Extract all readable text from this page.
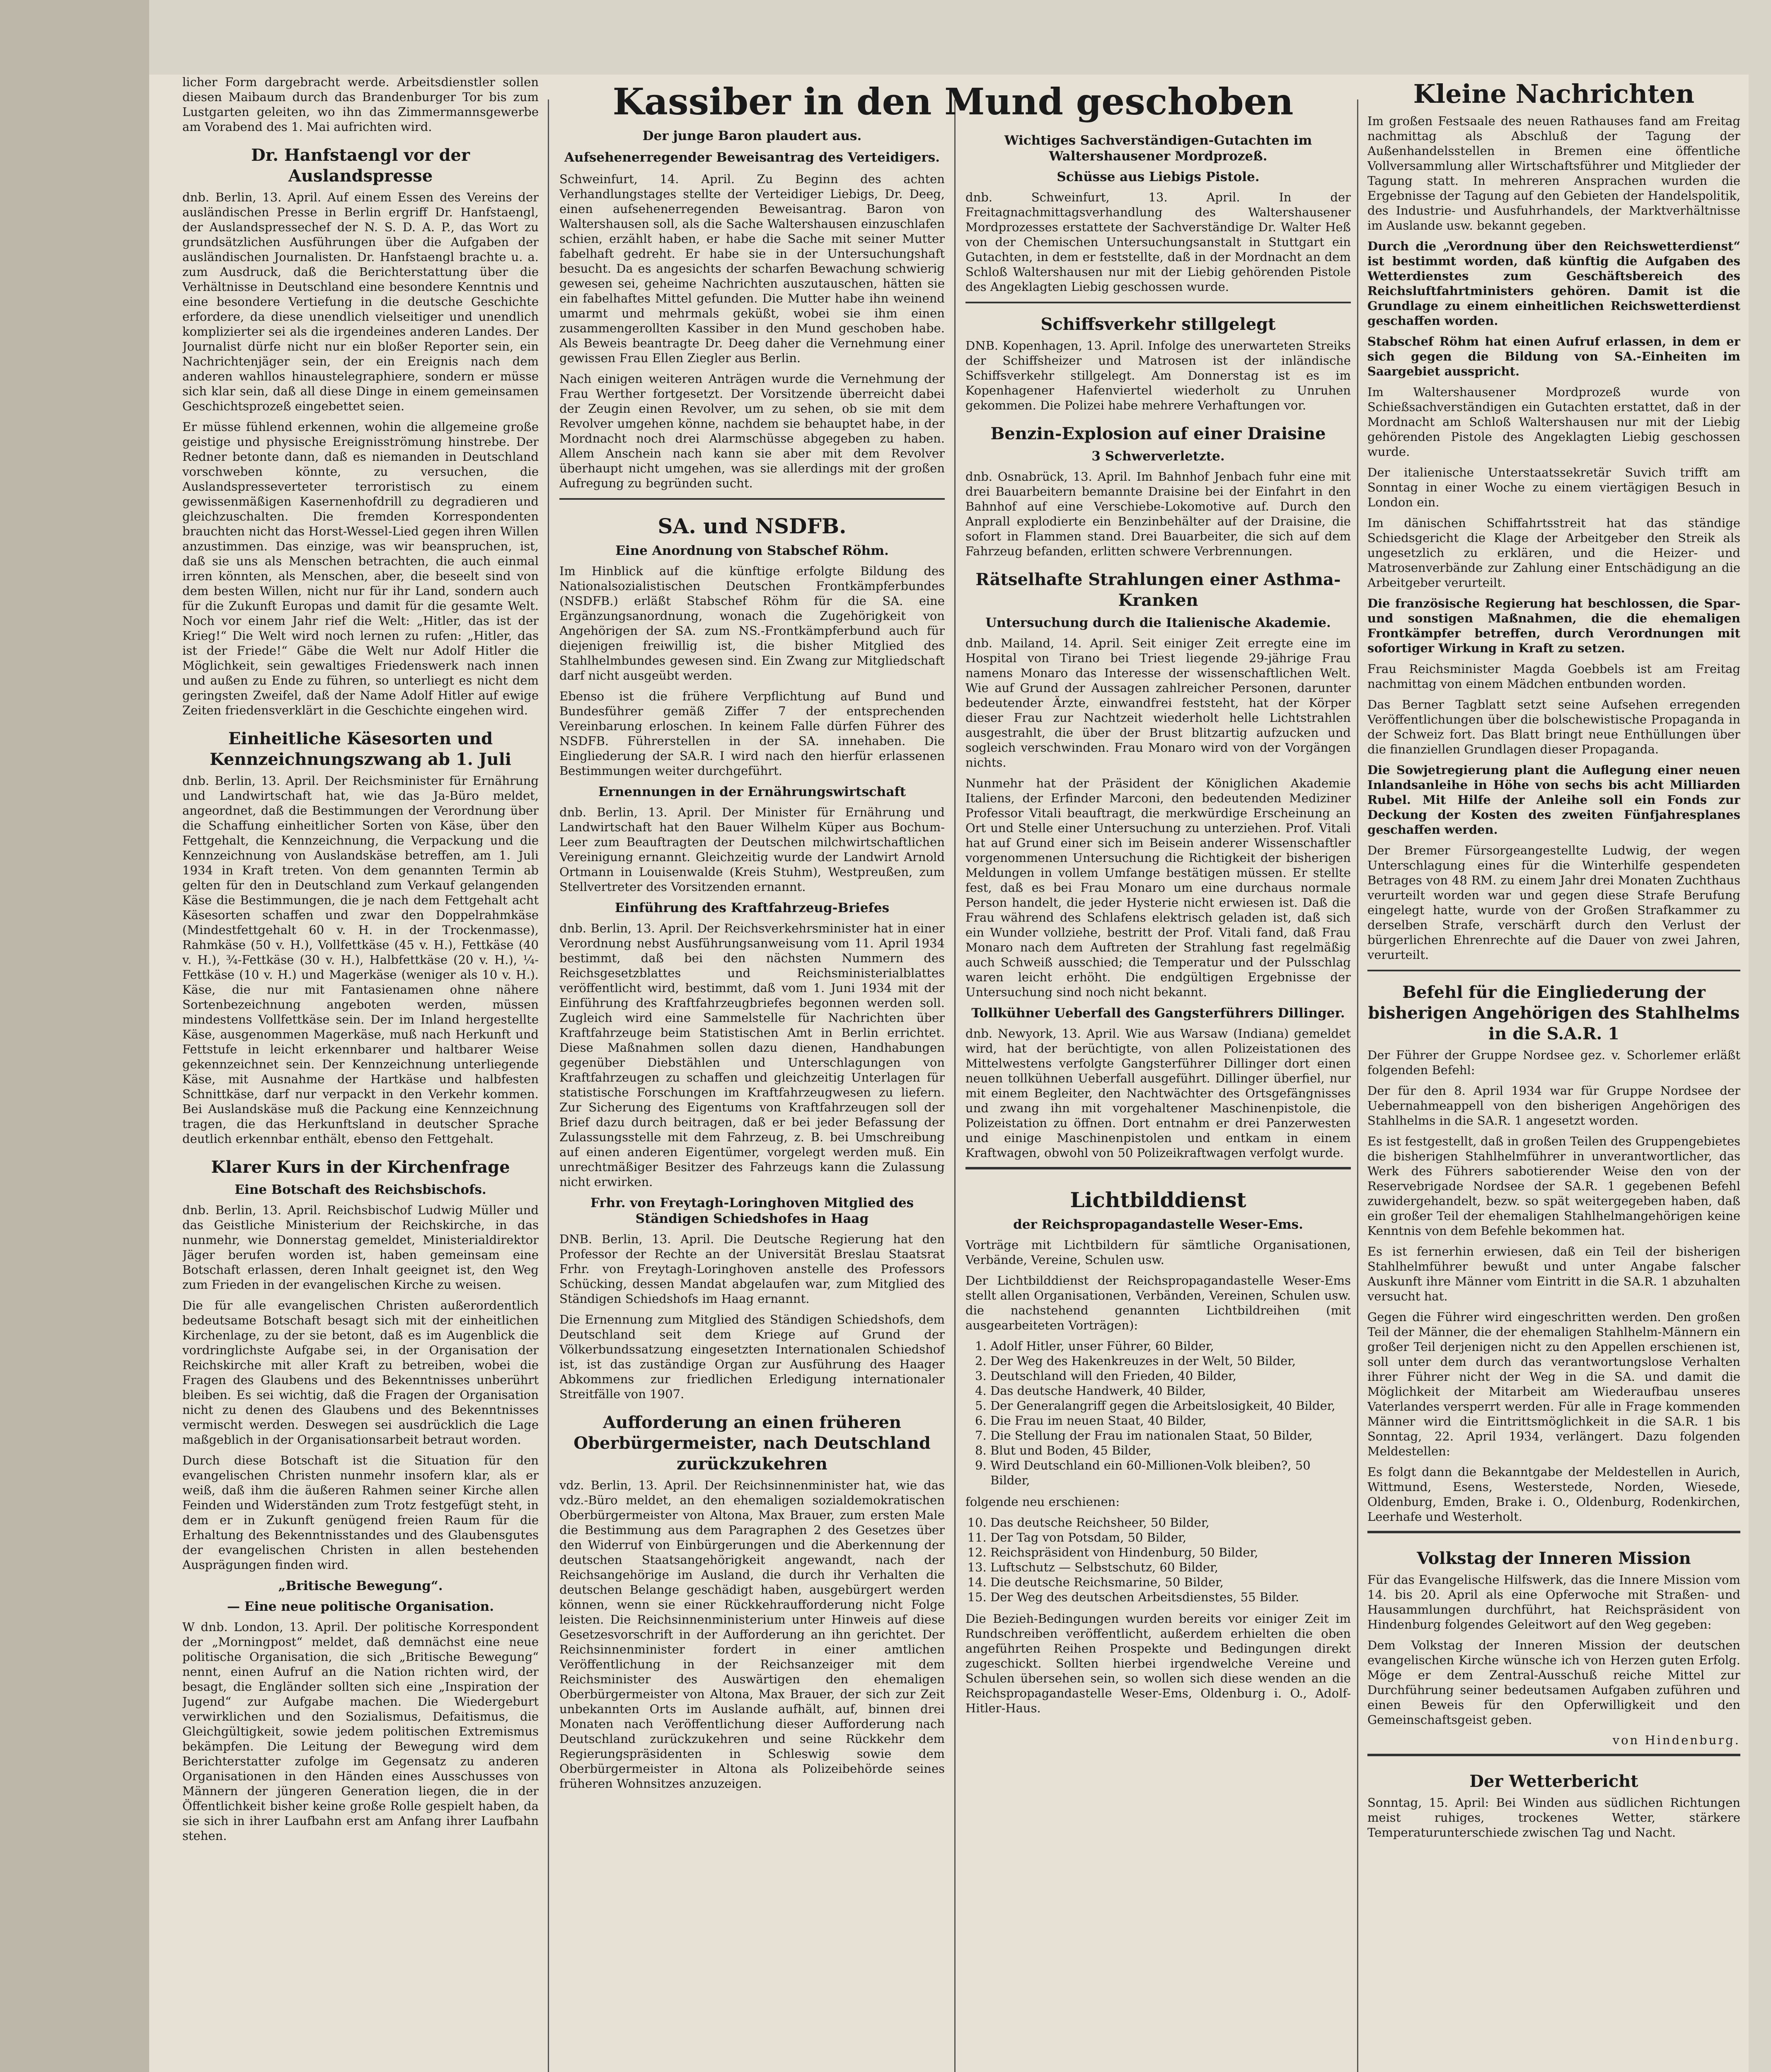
licher Form dargebracht werde. Arbeitsdienstler sollen diesen Maibaum durch das Brandenburger Tor bis zum Lustgarten geleiten, wo ihn das Zimmermannsgewerbe am Vorabend des 1. Mai aufrichten wird.

Dr. Hanfstaengl vor der Auslandspresse

dnb. Berlin, 13. April. Auf einem Essen des Vereins der ausländischen Presse in Berlin ergriff Dr. Hanfstaengl, der Auslandspressechef der N. S. D. A. P., das Wort zu grundsätzlichen Ausführungen über die Aufgaben der ausländischen Journalisten. Dr. Hanfstaengl brachte u. a. zum Ausdruck, daß die Berichterstattung über die Verhältnisse in Deutschland eine besondere Kenntnis und eine besondere Vertiefung in die deutsche Geschichte erfordere, da diese unendlich vielseitiger und unendlich komplizierter sei als die irgendeines anderen Landes. Der Journalist dürfe nicht nur ein bloßer Reporter sein, ein Nachrichtenjäger sein, der ein Ereignis nach dem anderen wahllos hinaustelegraphiere, sondern er müsse sich klar sein, daß all diese Dinge in einem gemeinsamen Geschichtsprozeß eingebettet seien.

Er müsse fühlend erkennen, wohin die allgemeine große geistige und physische Ereignisströmung hinstrebe. Der Redner betonte dann, daß es niemanden in Deutschland vorschweben könnte, zu versuchen, die Auslandspresseverteter terroristisch zu einem gewissenmäßigen Kasernenhofdrill zu degradieren und gleichzuschalten. Die fremden Korrespondenten brauchten nicht das Horst-Wessel-Lied gegen ihren Willen anzustimmen. Das einzige, was wir beanspruchen, ist, daß sie uns als Menschen betrachten, die auch einmal irren könnten, als Menschen, aber, die beseelt sind von dem besten Willen, nicht nur für ihr Land, sondern auch für die Zukunft Europas und damit für die gesamte Welt. Noch vor einem Jahr rief die Welt: „Hitler, das ist der Krieg!“ Die Welt wird noch lernen zu rufen: „Hitler, das ist der Friede!“ Gäbe die Welt nur Adolf Hitler die Möglichkeit, sein gewaltiges Friedenswerk nach innen und außen zu Ende zu führen, so unterliegt es nicht dem geringsten Zweifel, daß der Name Adolf Hitler auf ewige Zeiten friedensverklärt in die Geschichte eingehen wird.

Einheitliche Käsesorten und Kennzeichnungszwang ab 1. Juli

dnb. Berlin, 13. April. Der Reichsminister für Ernährung und Landwirtschaft hat, wie das Ja-Büro meldet, angeordnet, daß die Bestimmungen der Verordnung über die Schaffung einheitlicher Sorten von Käse, über den Fettgehalt, die Kennzeichnung, die Verpackung und die Kennzeichnung von Auslandskäse betreffen, am 1. Juli 1934 in Kraft treten. Von dem genannten Termin ab gelten für den in Deutschland zum Verkauf gelangenden Käse die Bestimmungen, die je nach dem Fettgehalt acht Käsesorten schaffen und zwar den Doppelrahmkäse (Mindestfettgehalt 60 v. H. in der Trockenmasse), Rahmkäse (50 v. H.), Vollfettkäse (45 v. H.), Fettkäse (40 v. H.), ¾-Fettkäse (30 v. H.), Halbfettkäse (20 v. H.), ¼-Fettkäse (10 v. H.) und Magerkäse (weniger als 10 v. H.). Käse, die nur mit Fantasienamen ohne nähere Sortenbezeichnung angeboten werden, müssen mindestens Vollfettkäse sein. Der im Inland hergestellte Käse, ausgenommen Magerkäse, muß nach Herkunft und Fettstufe in leicht erkennbarer und haltbarer Weise gekennzeichnet sein. Der Kennzeichnung unterliegende Käse, mit Ausnahme der Hartkäse und halbfesten Schnittkäse, darf nur verpackt in den Verkehr kommen. Bei Auslandskäse muß die Packung eine Kennzeichnung tragen, die das Herkunftsland in deutscher Sprache deutlich erkennbar enthält, ebenso den Fettgehalt.

Klarer Kurs in der Kirchenfrage
Eine Botschaft des Reichsbischofs.

dnb. Berlin, 13. April. Reichsbischof Ludwig Müller und das Geistliche Ministerium der Reichskirche, in das nunmehr, wie Donnerstag gemeldet, Ministerialdirektor Jäger berufen worden ist, haben gemeinsam eine Botschaft erlassen, deren Inhalt geeignet ist, den Weg zum Frieden in der evangelischen Kirche zu weisen.

Die für alle evangelischen Christen außerordentlich bedeutsame Botschaft besagt sich mit der einheitlichen Kirchenlage, zu der sie betont, daß es im Augenblick die vordringlichste Aufgabe sei, in der Organisation der Reichskirche mit aller Kraft zu betreiben, wobei die Fragen des Glaubens und des Bekenntnisses unberührt bleiben. Es sei wichtig, daß die Fragen der Organisation nicht zu denen des Glaubens und des Bekenntnisses vermischt werden. Deswegen sei ausdrücklich die Lage maßgeblich in der Organisationsarbeit betraut worden.

Durch diese Botschaft ist die Situation für den evangelischen Christen nunmehr insofern klar, als er weiß, daß ihm die äußeren Rahmen seiner Kirche allen Feinden und Widerständen zum Trotz festgefügt steht, in dem er in Zukunft genügend freien Raum für die Erhaltung des Bekenntnisstandes und des Glaubensgutes der evangelischen Christen in allen bestehenden Ausprägungen finden wird.

„Britische Bewegung“.
— Eine neue politische Organisation.

W dnb. London, 13. April. Der politische Korrespondent der „Morningpost“ meldet, daß demnächst eine neue politische Organisation, die sich „Britische Bewegung“ nennt, einen Aufruf an die Nation richten wird, der besagt, die Engländer sollten sich eine „Inspiration der Jugend“ zur Aufgabe machen. Die Wiedergeburt verwirklichen und den Sozialismus, Defaitismus, die Gleichgültigkeit, sowie jedem politischen Extremismus bekämpfen. Die Leitung der Bewegung wird dem Berichterstatter zufolge im Gegensatz zu anderen Organisationen in den Händen eines Ausschusses von Männern der jüngeren Generation liegen, die in der Öffentlichkeit bisher keine große Rolle gespielt haben, da sie sich in ihrer Laufbahn erst am Anfang ihrer Laufbahn stehen.

Kassiber in den Mund geschoben
Der junge Baron plaudert aus.
Aufsehenerregender Beweisantrag des Verteidigers.

Schweinfurt, 14. April. Zu Beginn des achten Verhandlungstages stellte der Verteidiger Liebigs, Dr. Deeg, einen aufsehenerregenden Beweisantrag. Baron von Waltershausen soll, als die Sache Waltershausen einzuschlafen schien, erzählt haben, er habe die Sache mit seiner Mutter fabelhaft gedreht. Er habe sie in der Untersuchungshaft besucht. Da es angesichts der scharfen Bewachung schwierig gewesen sei, geheime Nachrichten auszutauschen, hätten sie ein fabelhaftes Mittel gefunden. Die Mutter habe ihn weinend umarmt und mehrmals geküßt, wobei sie ihm einen zusammengerollten Kassiber in den Mund geschoben habe. Als Beweis beantragte Dr. Deeg daher die Vernehmung einer gewissen Frau Ellen Ziegler aus Berlin.

Nach einigen weiteren Anträgen wurde die Vernehmung der Frau Werther fortgesetzt. Der Vorsitzende überreicht dabei der Zeugin einen Revolver, um zu sehen, ob sie mit dem Revolver umgehen könne, nachdem sie behauptet habe, in der Mordnacht noch drei Alarmschüsse abgegeben zu haben. Allem Anschein nach kann sie aber mit dem Revolver überhaupt nicht umgehen, was sie allerdings mit der großen Aufregung zu begründen sucht.

SA. und NSDFB.
Eine Anordnung von Stabschef Röhm.

Im Hinblick auf die künftige erfolgte Bildung des Nationalsozialistischen Deutschen Frontkämpferbundes (NSDFB.) erläßt Stabschef Röhm für die SA. eine Ergänzungsanordnung, wonach die Zugehörigkeit von Angehörigen der SA. zum NS.-Frontkämpferbund auch für diejenigen freiwillig ist, die bisher Mitglied des Stahlhelmbundes gewesen sind. Ein Zwang zur Mitgliedschaft darf nicht ausgeübt werden.

Ebenso ist die frühere Verpflichtung auf Bund und Bundesführer gemäß Ziffer 7 der entsprechenden Vereinbarung erloschen. In keinem Falle dürfen Führer des NSDFB. Führerstellen in der SA. innehaben. Die Eingliederung der SA.R. I wird nach den hierfür erlassenen Bestimmungen weiter durchgeführt.

Ernennungen in der Ernährungswirtschaft

dnb. Berlin, 13. April. Der Minister für Ernährung und Landwirtschaft hat den Bauer Wilhelm Küper aus Bochum-Leer zum Beauftragten der Deutschen milchwirtschaftlichen Vereinigung ernannt. Gleichzeitig wurde der Landwirt Arnold Ortmann in Louisenwalde (Kreis Stuhm), Westpreußen, zum Stellvertreter des Vorsitzenden ernannt.

Einführung des Kraftfahrzeug-Briefes

dnb. Berlin, 13. April. Der Reichsverkehrsminister hat in einer Verordnung nebst Ausführungsanweisung vom 11. April 1934 bestimmt, daß bei den nächsten Nummern des Reichsgesetzblattes und Reichsministerialblattes veröffentlicht wird, bestimmt, daß vom 1. Juni 1934 mit der Einführung des Kraftfahrzeugbriefes begonnen werden soll. Zugleich wird eine Sammelstelle für Nachrichten über Kraftfahrzeuge beim Statistischen Amt in Berlin errichtet. Diese Maßnahmen sollen dazu dienen, Handhabungen gegenüber Diebstählen und Unterschlagungen von Kraftfahrzeugen zu schaffen und gleichzeitig Unterlagen für statistische Forschungen im Kraftfahrzeugwesen zu liefern. Zur Sicherung des Eigentums von Kraftfahrzeugen soll der Brief dazu durch beitragen, daß er bei jeder Befassung der Zulassungsstelle mit dem Fahrzeug, z. B. bei Umschreibung auf einen anderen Eigentümer, vorgelegt werden muß. Ein unrechtmäßiger Besitzer des Fahrzeugs kann die Zulassung nicht erwirken.

Frhr. von Freytagh-Loringhoven Mitglied des Ständigen Schiedshofes in Haag

DNB. Berlin, 13. April. Die Deutsche Regierung hat den Professor der Rechte an der Universität Breslau Staatsrat Frhr. von Freytagh-Loringhoven anstelle des Professors Schücking, dessen Mandat abgelaufen war, zum Mitglied des Ständigen Schiedshofs im Haag ernannt.

Die Ernennung zum Mitglied des Ständigen Schiedshofs, dem Deutschland seit dem Kriege auf Grund der Völkerbundssatzung eingesetzten Internationalen Schiedshof ist, ist das zuständige Organ zur Ausführung des Haager Abkommens zur friedlichen Erledigung internationaler Streitfälle von 1907.

Aufforderung an einen früheren Oberbürgermeister, nach Deutschland zurückzukehren

vdz. Berlin, 13. April. Der Reichsinnenminister hat, wie das vdz.-Büro meldet, an den ehemaligen sozialdemokratischen Oberbürgermeister von Altona, Max Brauer, zum ersten Male die Bestimmung aus dem Paragraphen 2 des Gesetzes über den Widerruf von Einbürgerungen und die Aberkennung der deutschen Staatsangehörigkeit angewandt, nach der Reichsangehörige im Ausland, die durch ihr Verhalten die deutschen Belange geschädigt haben, ausgebürgert werden können, wenn sie einer Rückkehraufforderung nicht Folge leisten. Die Reichsinnenministerium unter Hinweis auf diese Gesetzesvorschrift in der Aufforderung an ihn gerichtet. Der Reichsinnenminister fordert in einer amtlichen Veröffentlichung in der Reichsanzeiger mit dem Reichsminister des Auswärtigen den ehemaligen Oberbürgermeister von Altona, Max Brauer, der sich zur Zeit unbekannten Orts im Auslande aufhält, auf, binnen drei Monaten nach Veröffentlichung dieser Aufforderung nach Deutschland zurückzukehren und seine Rückkehr dem Regierungspräsidenten in Schleswig sowie dem Oberbürgermeister in Altona als Polizeibehörde seines früheren Wohnsitzes anzuzeigen.

Wichtiges Sachverständigen-Gutachten im Waltershausener Mordprozeß.
Schüsse aus Liebigs Pistole.

dnb. Schweinfurt, 13. April. In der Freitagnachmittagsverhandlung des Waltershausener Mordprozesses erstattete der Sachverständige Dr. Walter Heß von der Chemischen Untersuchungsanstalt in Stuttgart ein Gutachten, in dem er feststellte, daß in der Mordnacht an dem Schloß Waltershausen nur mit der Liebig gehörenden Pistole des Angeklagten Liebig geschossen wurde.

Schiffsverkehr stillgelegt

DNB. Kopenhagen, 13. April. Infolge des unerwarteten Streiks der Schiffsheizer und Matrosen ist der inländische Schiffsverkehr stillgelegt. Am Donnerstag ist es im Kopenhagener Hafenviertel wiederholt zu Unruhen gekommen. Die Polizei habe mehrere Verhaftungen vor.

Benzin-Explosion auf einer Draisine
3 Schwerverletzte.

dnb. Osnabrück, 13. April. Im Bahnhof Jenbach fuhr eine mit drei Bauarbeitern bemannte Draisine bei der Einfahrt in den Bahnhof auf eine Verschiebe-Lokomotive auf. Durch den Anprall explodierte ein Benzinbehälter auf der Draisine, die sofort in Flammen stand. Drei Bauarbeiter, die sich auf dem Fahrzeug befanden, erlitten schwere Verbrennungen.

Rätselhafte Strahlungen einer Asthma-Kranken
Untersuchung durch die Italienische Akademie.

dnb. Mailand, 14. April. Seit einiger Zeit erregte eine im Hospital von Tirano bei Triest liegende 29-jährige Frau namens Monaro das Interesse der wissenschaftlichen Welt. Wie auf Grund der Aussagen zahlreicher Personen, darunter bedeutender Ärzte, einwandfrei feststeht, hat der Körper dieser Frau zur Nachtzeit wiederholt helle Lichtstrahlen ausgestrahlt, die über der Brust blitzartig aufzucken und sogleich verschwinden. Frau Monaro wird von der Vorgängen nichts.

Nunmehr hat der Präsident der Königlichen Akademie Italiens, der Erfinder Marconi, den bedeutenden Mediziner Professor Vitali beauftragt, die merkwürdige Erscheinung an Ort und Stelle einer Untersuchung zu unterziehen. Prof. Vitali hat auf Grund einer sich im Beisein anderer Wissenschaftler vorgenommenen Untersuchung die Richtigkeit der bisherigen Meldungen in vollem Umfange bestätigen müssen. Er stellte fest, daß es bei Frau Monaro um eine durchaus normale Person handelt, die jeder Hysterie nicht erwiesen ist. Daß die Frau während des Schlafens elektrisch geladen ist, daß sich ein Wunder vollziehe, bestritt der Prof. Vitali fand, daß Frau Monaro nach dem Auftreten der Strahlung fast regelmäßig auch Schweiß ausschied; die Temperatur und der Pulsschlag waren leicht erhöht. Die endgültigen Ergebnisse der Untersuchung sind noch nicht bekannt.

Tollkühner Ueberfall des Gangsterführers Dillinger.

dnb. Newyork, 13. April. Wie aus Warsaw (Indiana) gemeldet wird, hat der berüchtigte, von allen Polizeistationen des Mittelwestens verfolgte Gangsterführer Dillinger dort einen neuen tollkühnen Ueberfall ausgeführt. Dillinger überfiel, nur mit einem Begleiter, den Nachtwächter des Ortsgefängnisses und zwang ihn mit vorgehaltener Maschinenpistole, die Polizeistation zu öffnen. Dort entnahm er drei Panzerwesten und einige Maschinenpistolen und entkam in einem Kraftwagen, obwohl von 50 Polizeikraftwagen verfolgt wurde.

Lichtbilddienst
der Reichspropagandastelle Weser-Ems.

Vorträge mit Lichtbildern für sämtliche Organisationen, Verbände, Vereine, Schulen usw.

Der Lichtbilddienst der Reichspropagandastelle Weser-Ems stellt allen Organisationen, Verbänden, Vereinen, Schulen usw. die nachstehend genannten Lichtbildreihen (mit ausgearbeiteten Vorträgen):

1. Adolf Hitler, unser Führer, 60 Bilder,
2. Der Weg des Hakenkreuzes in der Welt, 50 Bilder,
3. Deutschland will den Frieden, 40 Bilder,
4. Das deutsche Handwerk, 40 Bilder,
5. Der Generalangriff gegen die Arbeitslosigkeit, 40 Bilder,
6. Die Frau im neuen Staat, 40 Bilder,
7. Die Stellung der Frau im nationalen Staat, 50 Bilder,
8. Blut und Boden, 45 Bilder,
9. Wird Deutschland ein 60-Millionen-Volk bleiben?, 50 Bilder,

folgende neu erschienen:

10. Das deutsche Reichsheer, 50 Bilder,
11. Der Tag von Potsdam, 50 Bilder,
12. Reichspräsident von Hindenburg, 50 Bilder,
13. Luftschutz — Selbstschutz, 60 Bilder,
14. Die deutsche Reichsmarine, 50 Bilder,
15. Der Weg des deutschen Arbeitsdienstes, 55 Bilder.

Die Bezieh-Bedingungen wurden bereits vor einiger Zeit im Rundschreiben veröffentlicht, außerdem erhielten die oben angeführten Reihen Prospekte und Bedingungen direkt zugeschickt. Sollten hierbei irgendwelche Vereine und Schulen übersehen sein, so wollen sich diese wenden an die Reichspropagandastelle Weser-Ems, Oldenburg i. O., Adolf-Hitler-Haus.

Kleine Nachrichten

Im großen Festsaale des neuen Rathauses fand am Freitag nachmittag als Abschluß der Tagung der Außenhandelsstellen in Bremen eine öffentliche Vollversammlung aller Wirtschaftsführer und Mitglieder der Tagung statt. In mehreren Ansprachen wurden die Ergebnisse der Tagung auf den Gebieten der Handelspolitik, des Industrie- und Ausfuhrhandels, der Marktverhältnisse im Auslande usw. bekannt gegeben.

Durch die „Verordnung über den Reichswetterdienst“ ist bestimmt worden, daß künftig die Aufgaben des Wetterdienstes zum Geschäftsbereich des Reichsluftfahrtministers gehören. Damit ist die Grundlage zu einem einheitlichen Reichswetterdienst geschaffen worden.

Stabschef Röhm hat einen Aufruf erlassen, in dem er sich gegen die Bildung von SA.-Einheiten im Saargebiet ausspricht.

Im Waltershausener Mordprozeß wurde von Schießsachverständigen ein Gutachten erstattet, daß in der Mordnacht am Schloß Waltershausen nur mit der Liebig gehörenden Pistole des Angeklagten Liebig geschossen wurde.

Der italienische Unterstaatssekretär Suvich trifft am Sonntag in einer Woche zu einem viertägigen Besuch in London ein.

Im dänischen Schiffahrtsstreit hat das ständige Schiedsgericht die Klage der Arbeitgeber den Streik als ungesetzlich zu erklären, und die Heizer- und Matrosenverbände zur Zahlung einer Entschädigung an die Arbeitgeber verurteilt.

Die französische Regierung hat beschlossen, die Spar- und sonstigen Maßnahmen, die die ehemaligen Frontkämpfer betreffen, durch Verordnungen mit sofortiger Wirkung in Kraft zu setzen.

Frau Reichsminister Magda Goebbels ist am Freitag nachmittag von einem Mädchen entbunden worden.

Das Berner Tagblatt setzt seine Aufsehen erregenden Veröffentlichungen über die bolschewistische Propaganda in der Schweiz fort. Das Blatt bringt neue Enthüllungen über die finanziellen Grundlagen dieser Propaganda.

Die Sowjetregierung plant die Auflegung einer neuen Inlandsanleihe in Höhe von sechs bis acht Milliarden Rubel. Mit Hilfe der Anleihe soll ein Fonds zur Deckung der Kosten des zweiten Fünfjahresplanes geschaffen werden.

Der Bremer Fürsorgeangestellte Ludwig, der wegen Unterschlagung eines für die Winterhilfe gespendeten Betrages von 48 RM. zu einem Jahr drei Monaten Zuchthaus verurteilt worden war und gegen diese Strafe Berufung eingelegt hatte, wurde von der Großen Strafkammer zu derselben Strafe, verschärft durch den Verlust der bürgerlichen Ehrenrechte auf die Dauer von zwei Jahren, verurteilt.

Befehl für die Eingliederung der bisherigen Angehörigen des Stahlhelms in die S.A.R. 1

Der Führer der Gruppe Nordsee gez. v. Schorlemer erläßt folgenden Befehl:

Der für den 8. April 1934 war für Gruppe Nordsee der Uebernahmeappell von den bisherigen Angehörigen des Stahlhelms in die SA.R. 1 angesetzt worden.

Es ist festgestellt, daß in großen Teilen des Gruppengebietes die bisherigen Stahlhelmführer in unverantwortlicher, das Werk des Führers sabotierender Weise den von der Reservebrigade Nordsee der SA.R. 1 gegebenen Befehl zuwidergehandelt, bezw. so spät weitergegeben haben, daß ein großer Teil der ehemaligen Stahlhelmangehörigen keine Kenntnis von dem Befehle bekommen hat.

Es ist fernerhin erwiesen, daß ein Teil der bisherigen Stahlhelmführer bewußt und unter Angabe falscher Auskunft ihre Männer vom Eintritt in die SA.R. 1 abzuhalten versucht hat.

Gegen die Führer wird eingeschritten werden. Den großen Teil der Männer, die der ehemaligen Stahlhelm-Männern ein großer Teil derjenigen nicht zu den Appellen erschienen ist, soll unter dem durch das verantwortungslose Verhalten ihrer Führer nicht der Weg in die SA. und damit die Möglichkeit der Mitarbeit am Wiederaufbau unseres Vaterlandes versperrt werden. Für alle in Frage kommenden Männer wird die Eintrittsmöglichkeit in die SA.R. 1 bis Sonntag, 22. April 1934, verlängert. Dazu folgenden Meldestellen:

Es folgt dann die Bekanntgabe der Meldestellen in Aurich, Wittmund, Esens, Westerstede, Norden, Wiesede, Oldenburg, Emden, Brake i. O., Oldenburg, Rodenkirchen, Leerhafe und Westerholt.

Volkstag der Inneren Mission

Für das Evangelische Hilfswerk, das die Innere Mission vom 14. bis 20. April als eine Opferwoche mit Straßen- und Hausammlungen durchführt, hat Reichspräsident von Hindenburg folgendes Geleitwort auf den Weg gegeben:

Dem Volkstag der Inneren Mission der deutschen evangelischen Kirche wünsche ich von Herzen guten Erfolg. Möge er dem Zentral-Ausschuß reiche Mittel zur Durchführung seiner bedeutsamen Aufgaben zuführen und einen Beweis für den Opferwilligkeit und den Gemeinschaftsgeist geben.

von Hindenburg.
Der Wetterbericht

Sonntag, 15. April: Bei Winden aus südlichen Richtungen meist ruhiges, trockenes Wetter, stärkere Temperaturunterschiede zwischen Tag und Nacht.
